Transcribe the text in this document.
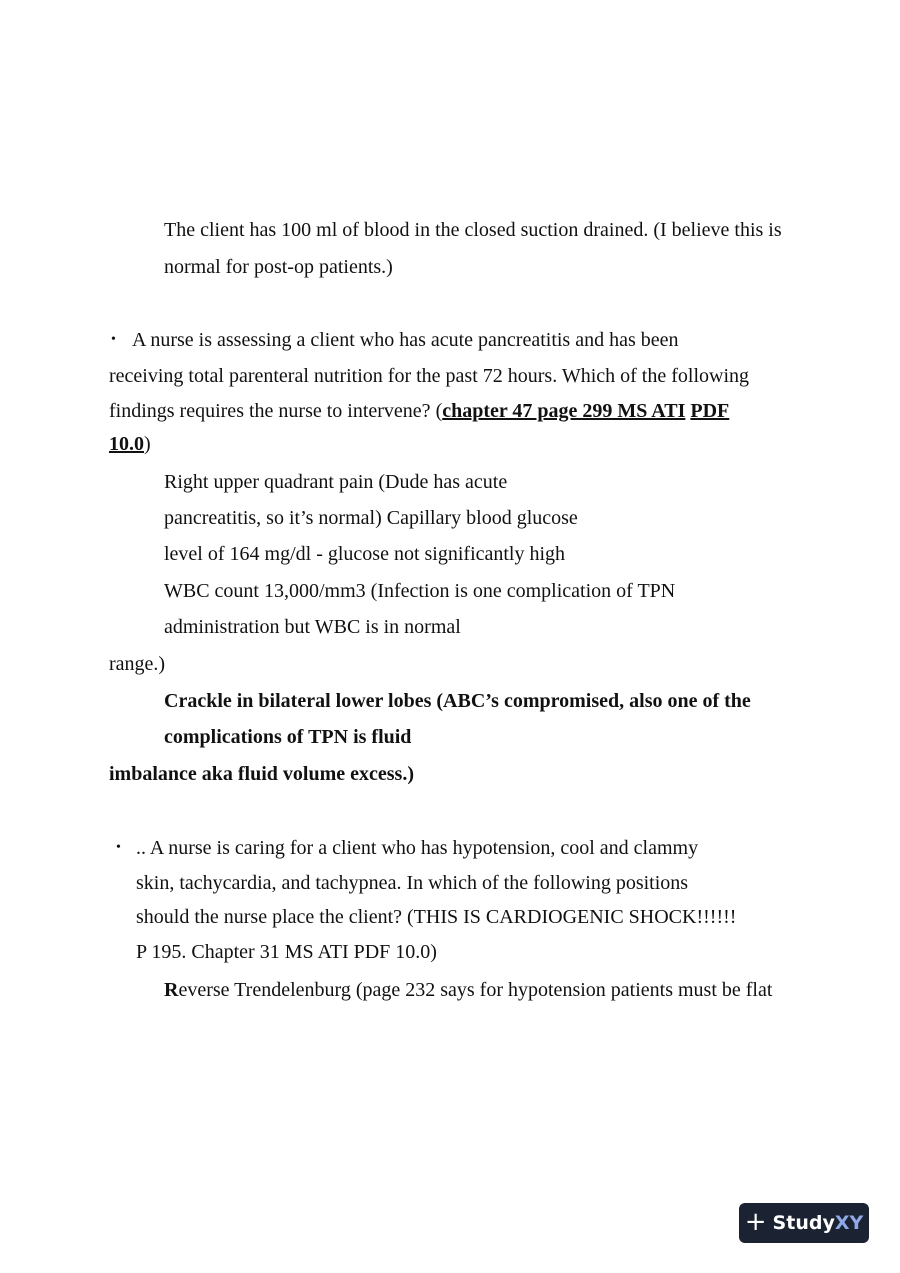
The client has 100 ml of blood in the closed suction drained. (I believe this is
normal for post-op patients.)
• A nurse is assessing a client who has acute pancreatitis and has been
receiving total parenteral nutrition for the past 72 hours. Which of the following
findings requires the nurse to intervene? (chapter 47 page 299 MS ATI PDF
10.0)
Right upper quadrant pain (Dude has acute
pancreatitis, so it’s normal) Capillary blood glucose
level of 164 mg/dl - glucose not significantly high
WBC count 13,000/mm3 (Infection is one complication of TPN
administration but WBC is in normal
range.)
Crackle in bilateral lower lobes (ABC’s compromised, also one of the
complications of TPN is fluid
imbalance aka fluid volume excess.)
• .. A nurse is caring for a client who has hypotension, cool and clammy
skin, tachycardia, and tachypnea. In which of the following positions
should the nurse place the client? (THIS IS CARDIOGENIC SHOCK!!!!!!
P 195. Chapter 31 MS ATI PDF 10.0)
Reverse Trendelenburg (page 232 says for hypotension patients must be flat
+ StudyXY
